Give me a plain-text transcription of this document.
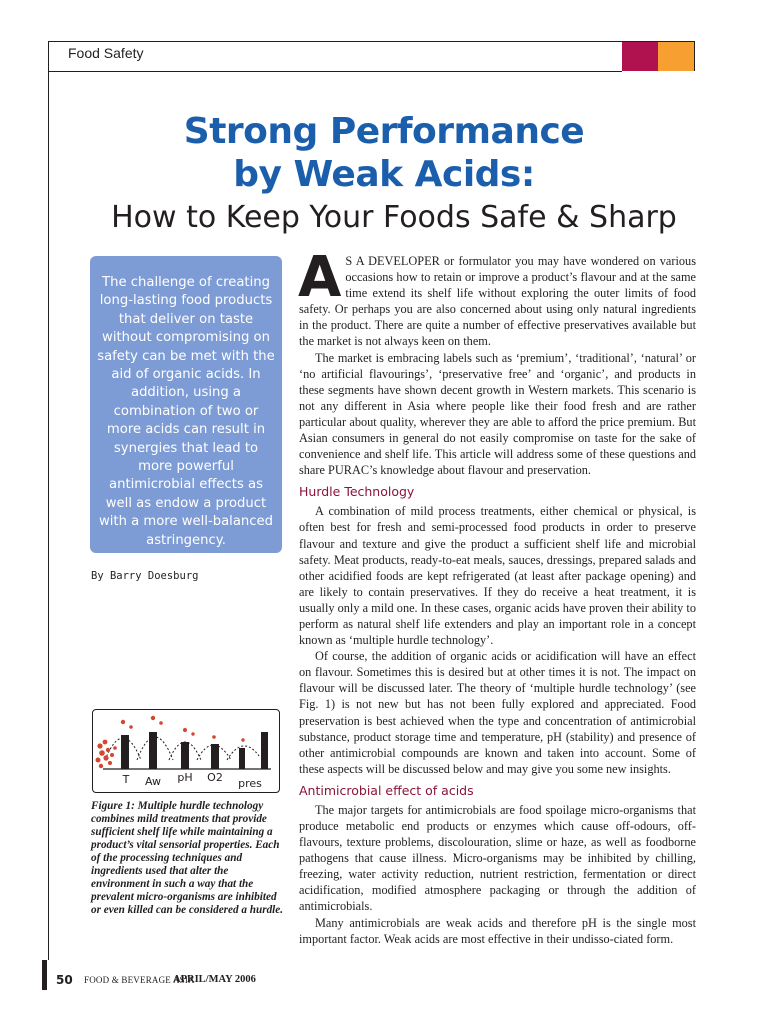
Food Safety
Strong Performance
by Weak Acids:
How to Keep Your Foods Safe & Sharp
The challenge of creating long-lasting food products that deliver on taste without compromising on safety can be met with the aid of organic acids. In addition, using a combination of two or more acids can result in synergies that lead to more powerful antimicrobial effects as well as endow a product with a more well-balanced astringency.
By Barry Doesburg
T Aw pH O2 pres
Figure 1: Multiple hurdle technology combines mild treatments that provide sufficient shelf life while maintaining a product’s vital sensorial properties. Each of the processing techniques and ingredients used that alter the environment in such a way that the prevalent micro-organisms are inhibited or even killed can be considered a hurdle.

A S A DEVELOPER or formulator you may have wondered on various occasions how to retain or improve a product’s flavour and at the same time extend its shelf life without exploring the outer limits of food safety. Or perhaps you are also concerned about using only natural ingredients in the product. There are quite a number of effective preservatives available but the market is not always keen on them.

The market is embracing labels such as ‘premium’, ‘traditional’, ‘natural’ or ‘no artificial flavourings’, ‘preservative free’ and ‘organic’, and products in these segments have shown decent growth in Western markets. This scenario is not any different in Asia where people like their food fresh and are rather particular about quality, wherever they are able to afford the price premium. But Asian consumers in general do not easily compromise on taste for the sake of convenience and shelf life. This article will address some of these questions and share PURAC’s knowledge about flavour and preservation.

Hurdle Technology

A combination of mild process treatments, either chemical or physical, is often best for fresh and semi-processed food products in order to preserve flavour and texture and give the product a sufficient shelf life and microbial safety. Meat products, ready-to-eat meals, sauces, dressings, prepared salads and other acidified foods are kept refrigerated (at least after package opening) and are likely to contain preservatives. If they do receive a heat treatment, it is usually only a mild one. In these cases, organic acids have proven their ability to perform as natural shelf life extenders and play an important role in a concept known as ‘multiple hurdle technology’.

Of course, the addition of organic acids or acidification will have an effect on flavour. Sometimes this is desired but at other times it is not. The impact on flavour will be discussed later. The theory of ‘multiple hurdle technology’ (see Fig. 1) is not new but has not been fully explored and appreciated. Food preservation is best achieved when the type and concentration of antimicrobial substance, product storage time and temperature, pH (stability) and presence of other antimicrobial compounds are known and taken into account. Some of these aspects will be discussed below and may give you some new insights.

Antimicrobial effect of acids

The major targets for antimicrobials are food spoilage micro-organisms that produce metabolic end products or enzymes which cause off-odours, off-flavours, texture problems, discolouration, slime or haze, as well as foodborne pathogens that cause illness. Micro-organisms may be inhibited by chilling, freezing, water activity reduction, nutrient restriction, fermentation or direct acidification, modified atmosphere packaging or through the addition of antimicrobials.

Many antimicrobials are weak acids and therefore pH is the single most important factor. Weak acids are most effective in their undisso-ciated form.

50 FOOD & BEVERAGE ASIA
APRIL/MAY 2006
